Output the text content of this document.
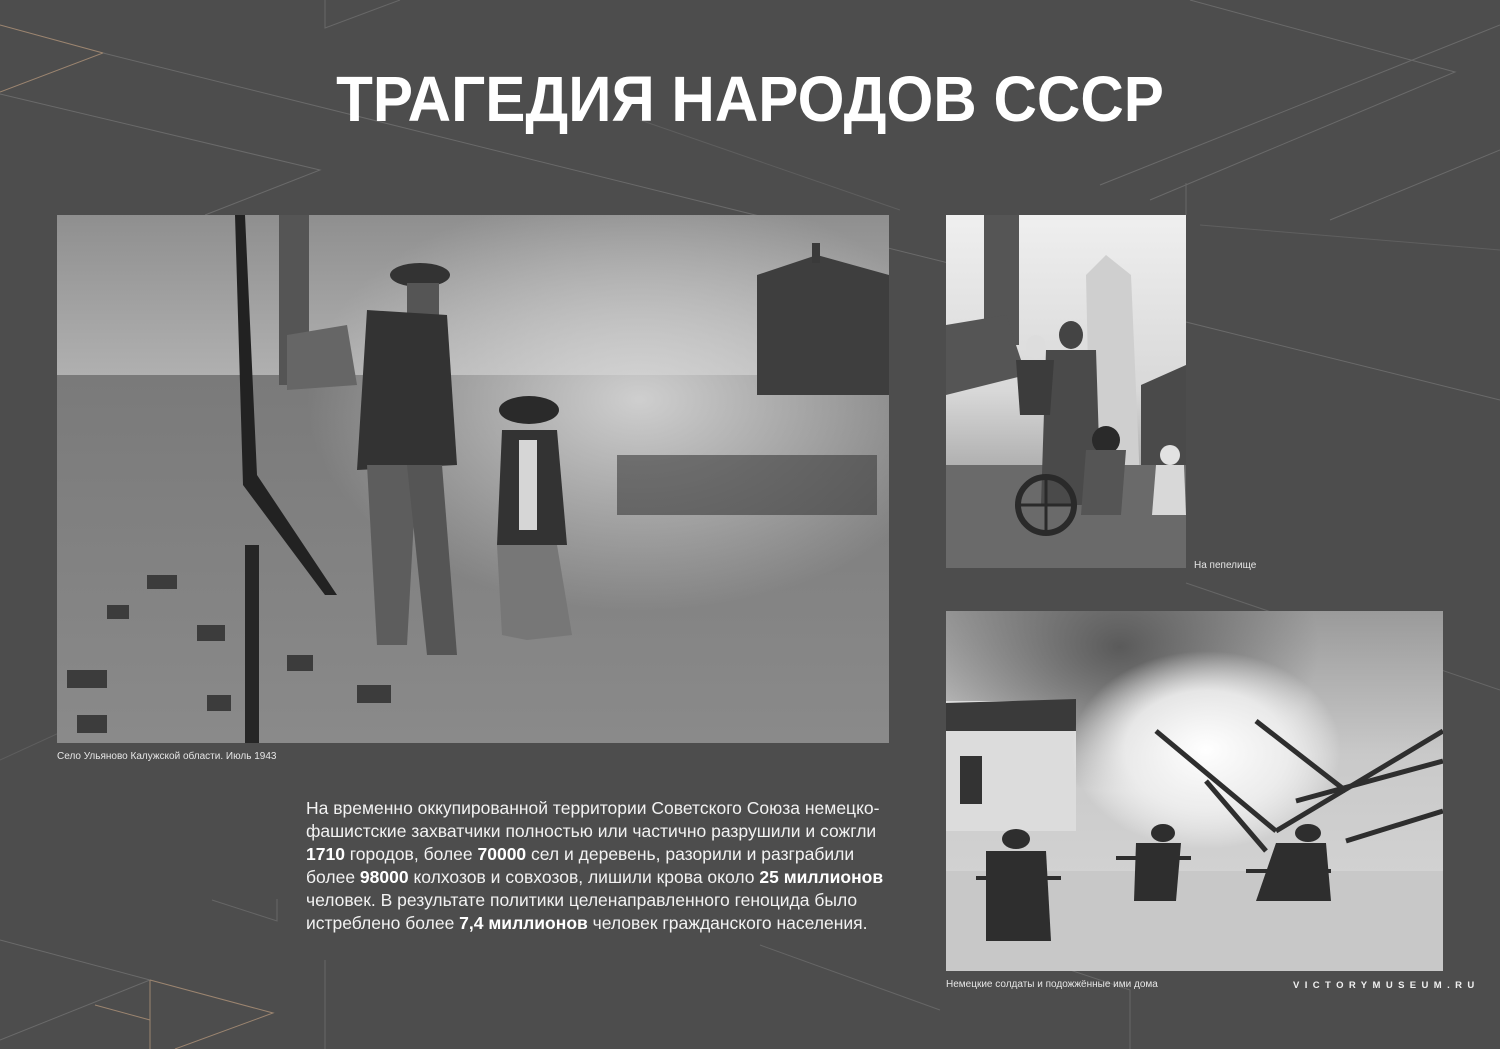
ТРАГЕДИЯ НАРОДОВ СССР
Село Ульяново Калужской области. Июль 1943
На пепелище
Немецкие солдаты и подожжённые ими дома
На временно оккупированной территории Советского Союза немецко-фашистские захватчики полностью или частично разрушили и сожгли 1710 городов, более 70000 сел и деревень, разорили и разграбили более 98000 колхозов и совхозов, лишили крова около 25 миллионов человек. В результате политики целенаправленного геноцида было истреблено более 7,4 миллионов человек гражданского населения.
VICTORYMUSEUM.RU
